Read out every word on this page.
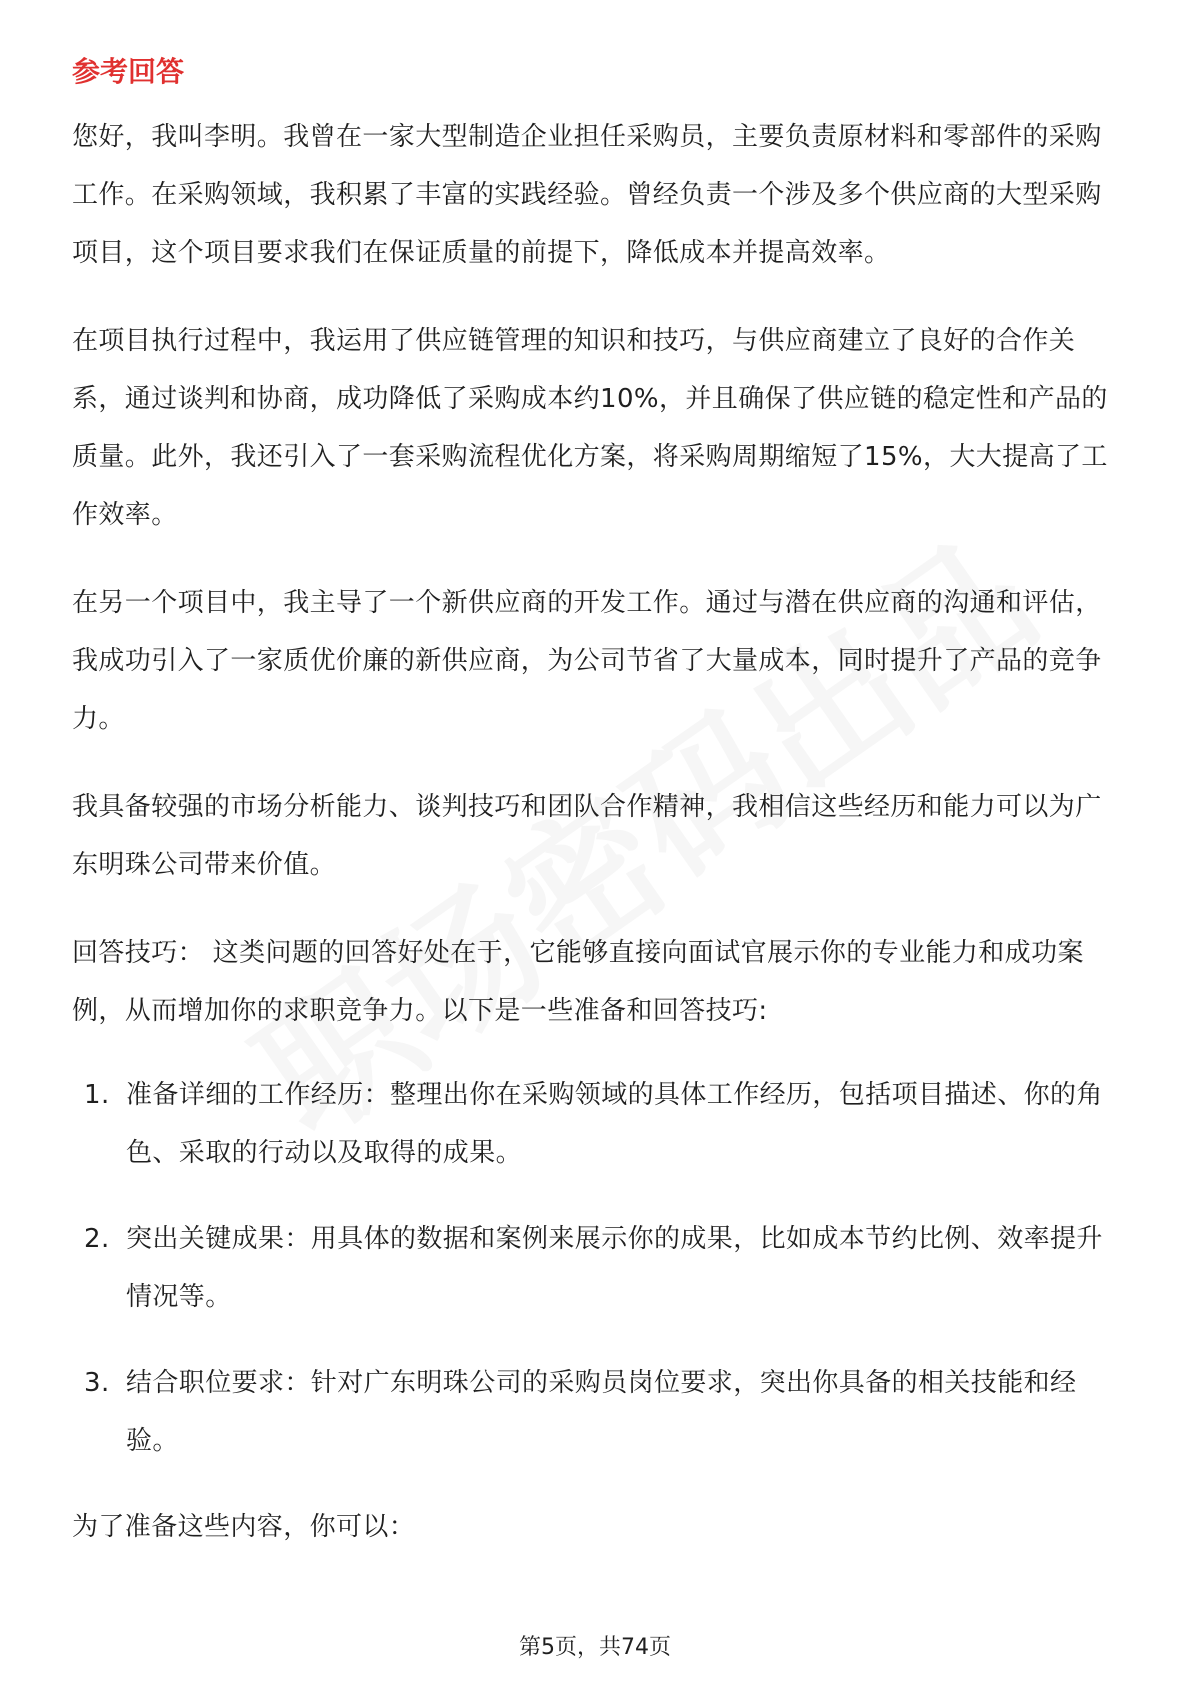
参考回答

您好，我叫李明。我曾在一家大型制造企业担任采购员，主要负责原材料和零部件的采购工作。在采购领域，我积累了丰富的实践经验。曾经负责一个涉及多个供应商的大型采购项目，这个项目要求我们在保证质量的前提下，降低成本并提高效率。

在项目执行过程中，我运用了供应链管理的知识和技巧，与供应商建立了良好的合作关系，通过谈判和协商，成功降低了采购成本约10%，并且确保了供应链的稳定性和产品的质量。此外，我还引入了一套采购流程优化方案，将采购周期缩短了15%，大大提高了工作效率。

在另一个项目中，我主导了一个新供应商的开发工作。通过与潜在供应商的沟通和评估，我成功引入了一家质优价廉的新供应商，为公司节省了大量成本，同时提升了产品的竞争力。

我具备较强的市场分析能力、谈判技巧和团队合作精神，我相信这些经历和能力可以为广东明珠公司带来价值。

回答技巧： 这类问题的回答好处在于，它能够直接向面试官展示你的专业能力和成功案例，从而增加你的求职竞争力。以下是一些准备和回答技巧:

1. 准备详细的工作经历：整理出你在采购领域的具体工作经历，包括项目描述、你的角色、采取的行动以及取得的成果。
2. 突出关键成果：用具体的数据和案例来展示你的成果，比如成本节约比例、效率提升情况等。
3. 结合职位要求：针对广东明珠公司的采购员岗位要求，突出你具备的相关技能和经验。

为了准备这些内容，你可以：

第5页，共74页
